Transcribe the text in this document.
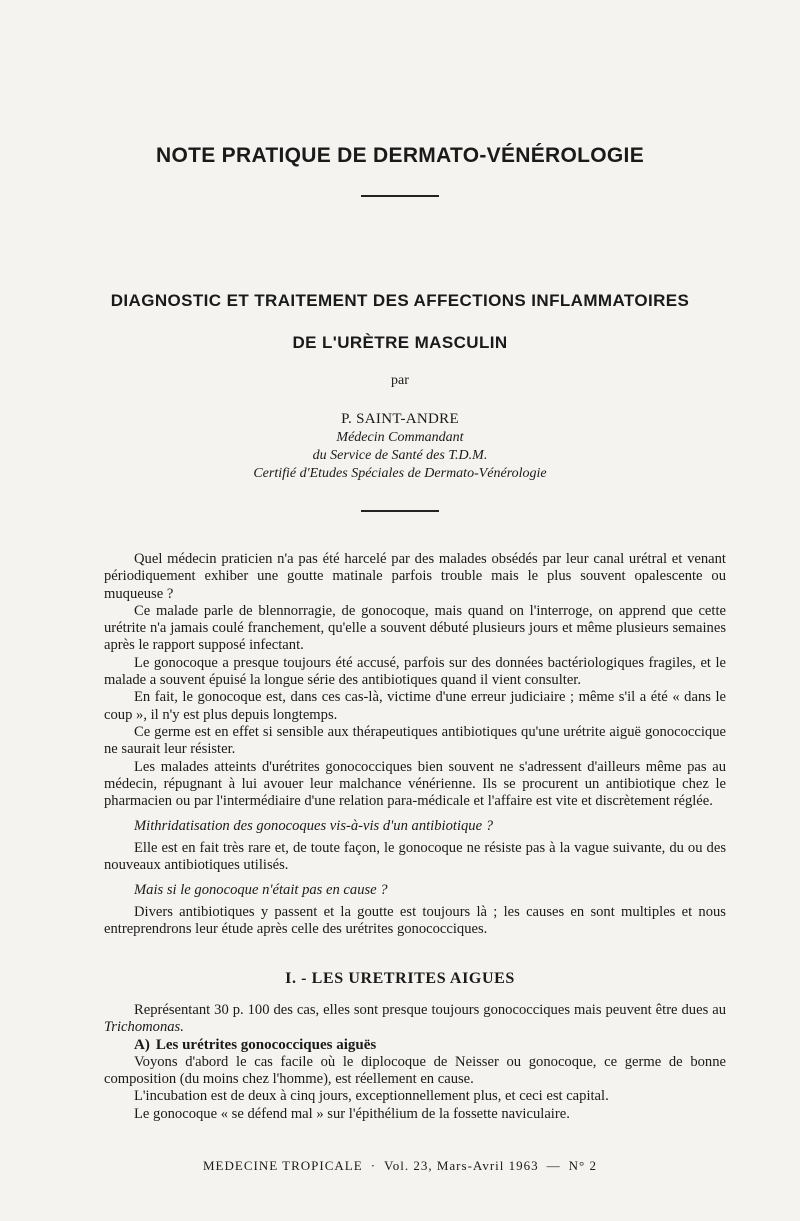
NOTE PRATIQUE DE DERMATO-VÉNÉROLOGIE
DIAGNOSTIC ET TRAITEMENT DES AFFECTIONS INFLAMMATOIRES
DE L'URÈTRE MASCULIN
par
P. SAINT-ANDRE
Médecin Commandant
du Service de Santé des T.D.M.
Certifié d'Etudes Spéciales de Dermato-Vénérologie

Quel médecin praticien n'a pas été harcelé par des malades obsédés par leur canal urétral et venant périodiquement exhiber une goutte matinale parfois trouble mais le plus souvent opalescente ou muqueuse ?

Ce malade parle de blennorragie, de gonocoque, mais quand on l'interroge, on apprend que cette urétrite n'a jamais coulé franchement, qu'elle a souvent débuté plusieurs jours et même plusieurs semaines après le rapport supposé infectant.

Le gonocoque a presque toujours été accusé, parfois sur des données bactériologiques fragiles, et le malade a souvent épuisé la longue série des antibiotiques quand il vient consulter.

En fait, le gonocoque est, dans ces cas-là, victime d'une erreur judiciaire ; même s'il a été « dans le coup », il n'y est plus depuis longtemps.

Ce germe est en effet si sensible aux thérapeutiques antibiotiques qu'une urétrite aiguë gonococcique ne saurait leur résister.

Les malades atteints d'urétrites gonococciques bien souvent ne s'adressent d'ailleurs même pas au médecin, répugnant à lui avouer leur malchance vénérienne. Ils se procurent un antibiotique chez le pharmacien ou par l'intermédiaire d'une relation para-médicale et l'affaire est vite et discrètement réglée.

Mithridatisation des gonocoques vis-à-vis d'un antibiotique ?

Elle est en fait très rare et, de toute façon, le gonocoque ne résiste pas à la vague suivante, du ou des nouveaux antibiotiques utilisés.

Mais si le gonocoque n'était pas en cause ?

Divers antibiotiques y passent et la goutte est toujours là ; les causes en sont multiples et nous entreprendrons leur étude après celle des urétrites gonococciques.

I. - LES URETRITES AIGUES

Représentant 30 p. 100 des cas, elles sont presque toujours gonococciques mais peuvent être dues au Trichomonas.

A) Les urétrites gonococciques aiguës

Voyons d'abord le cas facile où le diplocoque de Neisser ou gonocoque, ce germe de bonne composition (du moins chez l'homme), est réellement en cause.

L'incubation est de deux à cinq jours, exceptionnellement plus, et ceci est capital.

Le gonocoque « se défend mal » sur l'épithélium de la fossette naviculaire.

MEDECINE TROPICALE · Vol. 23, Mars-Avril 1963 — N° 2
